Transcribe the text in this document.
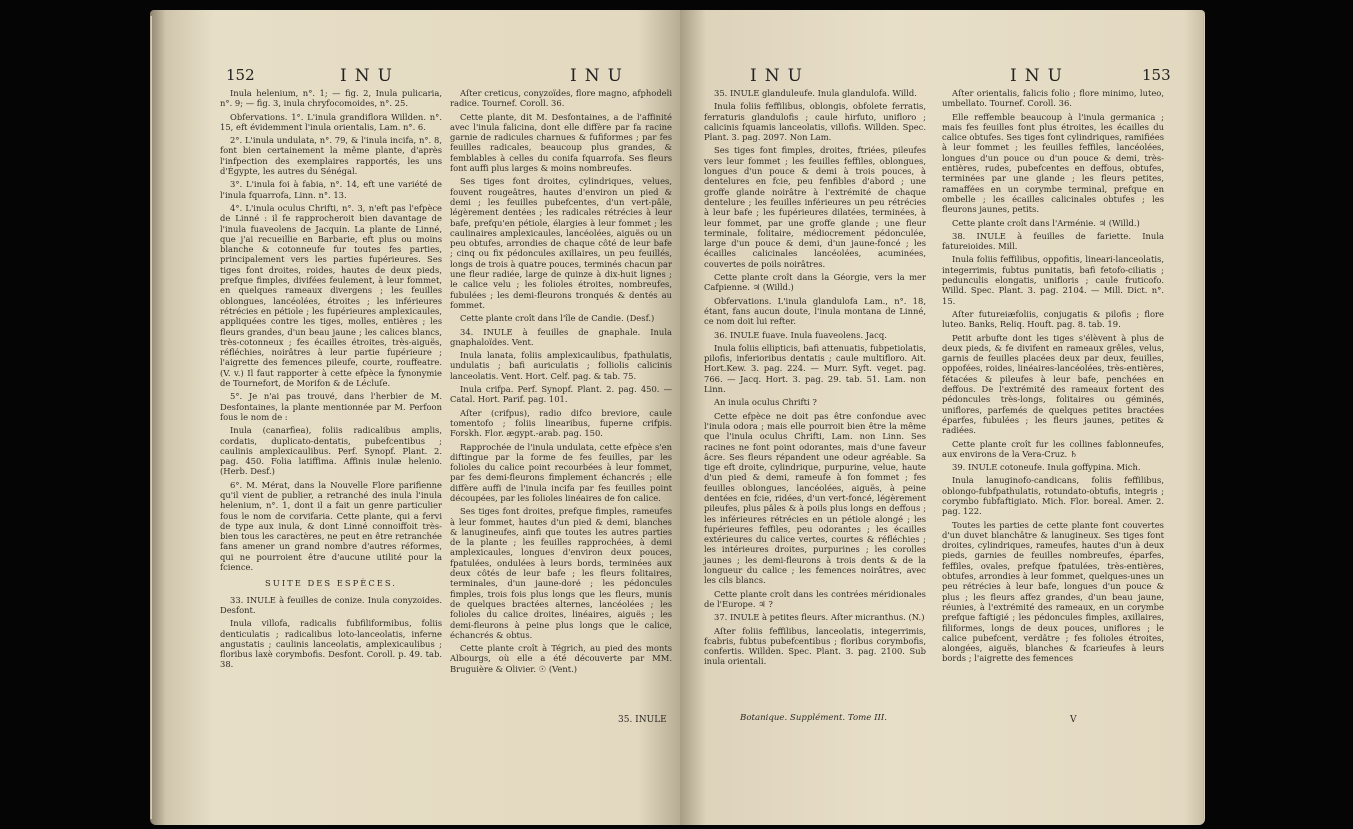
152	INU	INU

Inula helenium, n°. 1; — fig. 2, Inula pulicaria, n°. 9; — fig. 3, inula chryfocomoides, n°. 25.

Obfervations. 1°. L'inula grandiflora Willden. n°. 15, eft évidemment l'inula orientalis, Lam. n°. 6.

2°. L'inula undulata, n°. 79, & l'inula incifa, n°. 8, font bien certainement la même plante, d'après l'infpection des exemplaires rapportés, les uns d'Égypte, les autres du Sénégal.

3°. L'inula foi à fabia, n°. 14, eft une variété de l'inula fquarrofa, Linn. n°. 13.

4°. L'inula oculus Chrifti, n°. 3, n'eft pas l'efpèce de Linné : il fe rapprocheroit bien davantage de l'inula fuaveolens de Jacquin. La plante de Linné, que j'ai recueillie en Barbarie, eft plus ou moins blanche & cotonneufe fur toutes fes parties, principalement vers les parties fupérieures. Ses tiges font droites, roides, hautes de deux pieds, prefque fimples, divifées feulement, à leur fommet, en quelques rameaux divergens ; les feuilles oblongues, lancéolées, étroites ; les inférieures rétrécies en pétiole ; les fupérieures amplexicaules, appliquées contre les tiges, molles, entières ; les fleurs grandes, d'un beau jaune ; les calices blancs, très-cotonneux ; fes écailles étroites, très-aiguës, réfléchies, noirâtres à leur partie fupérieure ; l'aigrette des femences pileufe, courte, rouffeatre. (V. v.) Il faut rapporter à cette efpèce la fynonymie de Tournefort, de Morifon & de Lécluſe.

5°. Je n'ai pas trouvé, dans l'herbier de M. Desfontaines, la plante mentionnée par M. Perfoon fous le nom de :

Inula (canarfiea), foliis radicalibus amplis, cordatis, duplicato-dentatis, pubefcentibus ; caulinis amplexicaulibus. Perf. Synopf. Plant. 2. pag. 450. Folia latiffima. Affinis inulæ helenio. (Herb. Desf.)

6°. M. Mérat, dans la Nouvelle Flore parifienne qu'il vient de publier, a retranché des inula l'inula helenium, n°. 1, dont il a fait un genre particulier fous le nom de corvifaria. Cette plante, qui a fervi de type aux inula, & dont Linné connoiffoit très-bien tous les caractères, ne peut en être retranchée fans amener un grand nombre d'autres réformes, qui ne pourroient être d'aucune utilité pour la fcience.

SUITE DES ESPÈCES.

33. INULE à feuilles de conize. Inula conyzoides. Desfont.

Inula villofa, radicalis fubfiliformibus, foliis denticulatis ; radicalibus loto-lanceolatis, inferne angustatis ; caulinis lanceolatis, amplexicaulibus ; floribus laxè corymbofis. Desfont. Coroll. p. 49. tab. 38.

Aſter creticus, conyzoïdes, flore magno, afphodeli radice. Tournef. Coroll. 36.

Cette plante, dit M. Desfontaines, a de l'affinité avec l'inula falicina, dont elle diffère par fa racine garnie de radicules charnues & fufiformes ; par fes feuilles radicales, beaucoup plus grandes, & femblables à celles du conifa fquarrofa. Ses fleurs font auffi plus larges & moins nombreufes.

Ses tiges font droites, cylindriques, velues, fouvent rougeâtres, hautes d'environ un pied & demi ; les feuilles pubefcentes, d'un vert-pâle, légèrement dentées ; les radicales rétrécies à leur bafe, prefqu'en pétiole, élargies à leur fommet ; les caulinaires amplexicaules, lancéolées, aiguës ou un peu obtufes, arrondies de chaque côté de leur bafe ; cinq ou fix pédoncules axillaires, un peu feuillés, longs de trois à quatre pouces, terminés chacun par une fleur radiée, large de quinze à dix-huit lignes ; le calice velu ; les folioles étroites, nombreufes, fubulées ; les demi-fleurons tronqués & dentés au fommet.

Cette plante croît dans l'île de Candie. (Desf.)

34. INULE à feuilles de gnaphale. Inula gnaphaloïdes. Vent.

Inula lanata, foliis amplexicaulibus, fpathulatis, undulatis ; bafi auriculatis ; folliolis calicinis lanceolatis. Vent. Hort. Celf. pag. & tab. 75.

Inula crifpa. Perf. Synopf. Plant. 2. pag. 450. — Catal. Hort. Parif. pag. 101.

Aſter (crifpus), radio difco breviore, caule tomentofo ; foliis linearibus, fuperne crifpis. Forskh. Flor. ægypt.-arab. pag. 150.

Rapprochée de l'inula undulata, cette efpèce s'en diftingue par la forme de fes feuilles, par les folioles du calice point recourbées à leur fommet, par fes demi-fleurons fimplement échancrés ; elle diffère auffi de l'inula incifa par fes feuilles point découpées, par les folioles linéaires de fon calice.

Ses tiges font droites, prefque fimples, rameufes à leur fommet, hautes d'un pied & demi, blanches & lanugineufes, ainfi que toutes les autres parties de la plante ; les feuilles rapprochées, à demi amplexicaules, longues d'environ deux pouces, fpatulées, ondulées à leurs bords, terminées aux deux côtés de leur bafe ; les fleurs folitaires, terminales, d'un jaune-doré ; les pédoncules fimples, trois fois plus longs que les fleurs, munis de quelques bractées alternes, lancéolées ; les folioles du calice droites, linéaires, aiguës ; les demi-fleurons à peine plus longs que le calice, échancrés & obtus.

Cette plante croît à Tégrich, au pied des monts Albourgs, où elle a été découverte par MM. Bruguière & Olivier. ☉ (Vent.)

35. INULE
INU	INU	153

35. INULE glanduleufe. Inula glandulofa. Willd.

Inula foliis feffilibus, oblongis, obfolete ferratis, ferraturis glandulofis ; caule hirfuto, unifloro ; calicinis fquamis lanceolatis, villofis. Willden. Spec. Plant. 3. pag. 2097. Non Lam.

Ses tiges font fimples, droites, ftriées, pileufes vers leur fommet ; les feuilles feffiles, oblongues, longues d'un pouce & demi à trois pouces, à dentelures en fcie, peu fenfibles d'abord ; une groffe glande noirâtre à l'extrémité de chaque dentelure ; les feuilles inférieures un peu rétrécies à leur bafe ; les fupérieures dilatées, terminées, à leur fommet, par une groffe glande ; une fleur terminale, folitaire, médiocrement pédonculée, large d'un pouce & demi, d'un jaune-foncé ; les écailles calicinales lancéolées, acuminées, couvertes de poils noirâtres.

Cette plante croît dans la Géorgie, vers la mer Cafpienne. ♃ (Willd.)

Obfervations. L'inula glandulofa Lam., n°. 18, étant, fans aucun doute, l'inula montana de Linné, ce nom doit lui refter.

36. INULE fuave. Inula fuaveolens. Jacq.

Inula foliis ellipticis, bafi attenuatis, fubpetiolatis, pilofis, inferioribus dentatis ; caule multifloro. Ait. Hort.Kew. 3. pag. 224. — Murr. Syft. veget. pag. 766. — Jacq. Hort. 3. pag. 29. tab. 51. Lam. non Linn.

An inula oculus Chrifti ?

Cette efpèce ne doit pas être confondue avec l'inula odora ; mais elle pourroit bien être la même que l'inula oculus Chrifti, Lam. non Linn. Ses racines ne font point odorantes, mais d'une faveur âcre. Ses fleurs répandent une odeur agréable. Sa tige eft droite, cylindrique, purpurine, velue, haute d'un pied & demi, rameufe à fon fommet ; fes feuilles oblongues, lancéolées, aiguës, à peine dentées en fcie, ridées, d'un vert-foncé, légèrement pileufes, plus pâles & à poils plus longs en deffous ; les inférieures rétrécies en un pétiole alongé ; les fupérieures feffiles, peu odorantes ; les écailles extérieures du calice vertes, courtes & réfléchies ; les intérieures droites, purpurines ; les corolles jaunes ; les demi-fleurons à trois dents & de la longueur du calice ; les femences noirâtres, avec les cils blancs.

Cette plante croît dans les contrées méridionales de l'Europe. ♃ ?

37. INULE à petites fleurs. Aſter micranthus. (N.)

Aſter foliis feffilibus, lanceolatis, integerrimis, fcabris, fubtus pubefcentibus ; floribus corymbofis, confertis. Willden. Spec. Plant. 3. pag. 2100. Sub inula orientali.

Aſter orientalis, falicis folio ; flore minimo, luteo, umbellato. Tournef. Coroll. 36.

Elle reffemble beaucoup à l'inula germanica ; mais fes feuilles font plus étroites, les écailles du calice obtufes. Ses tiges font cylindriques, ramifiées à leur fommet ; les feuilles feffiles, lancéolées, longues d'un pouce ou d'un pouce & demi, très-entières, rudes, pubefcentes en deffous, obtufes, terminées par une glande ; les fleurs petites, ramaffées en un corymbe terminal, prefque en ombelle ; les écailles calicinales obtufes ; les fleurons jaunes, petits.

Cette plante croît dans l'Arménie. ♃ (Willd.)

38. INULE à feuilles de fariette. Inula fatureioides. Mill.

Inula foliis feffilibus, oppofitis, lineari-lanceolatis, integerrimis, fubtus punitatis, bafi fetofo-ciliatis ; pedunculis elongatis, unifloris ; caule fruticofo. Willd. Spec. Plant. 3. pag. 2104. — Mill. Dict. n°. 15.

Aſter futureiæfoliis, conjugatis & pilofis ; flore luteo. Banks, Reliq. Houft. pag. 8. tab. 19.

Petit arbufte dont les tiges s'élèvent à plus de deux pieds, & fe divifent en rameaux grêles, velus, garnis de feuilles placées deux par deux, feuilles, oppofées, roides, linéaires-lancéolées, très-entières, fétacées & pileufes à leur bafe, penchées en deffous. De l'extrémité des rameaux fortent des pédoncules très-longs, folitaires ou géminés, uniflores, parfemés de quelques petites bractées éparfes, fubulées ; les fleurs jaunes, petites & radiées.

Cette plante croît fur les collines fablonneufes, aux environs de la Vera-Cruz. ♄

39. INULE cotoneufe. Inula goffypina. Mich.

Inula lanuginofo-candicans, foliis feffilibus, oblongo-fubfpathulatis, rotundato-obtufis, integris ; corymbo fubfaftigiato. Mich. Flor. boreal. Amer. 2. pag. 122.

Toutes les parties de cette plante font couvertes d'un duvet blanchâtre & lanugineux. Ses tiges font droites, cylindriques, rameufes, hautes d'un à deux pieds, garnies de feuilles nombreufes, éparfes, feffiles, ovales, prefque fpatulées, très-entières, obtufes, arrondies à leur fommet, quelques-unes un peu rétrécies à leur bafe, longues d'un pouce & plus ; les fleurs affez grandes, d'un beau jaune, réunies, à l'extrémité des rameaux, en un corymbe prefque faftigié ; les pédoncules fimples, axillaires, filiformes, longs de deux pouces, uniflores ; le calice pubefcent, verdâtre ; fes folioles étroites, alongées, aiguës, blanches & fcarieufes à leurs bords ; l'aigrette des femences

Botanique. Supplément. Tome III.	V
